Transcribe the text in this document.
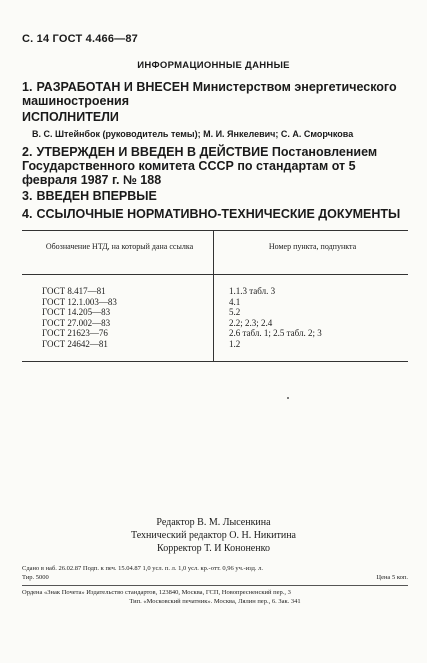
С. 14 ГОСТ 4.466—87
ИНФОРМАЦИОННЫЕ ДАННЫЕ
1. РАЗРАБОТАН И ВНЕСЕН Министерством энергетического машиностроения
ИСПОЛНИТЕЛИ
В. С. Штейнбок (руководитель темы); М. И. Янкелевич; С. А. Сморчкова
2. УТВЕРЖДЕН И ВВЕДЕН В ДЕЙСТВИЕ Постановлением Государственного комитета СССР по стандартам от 5 февраля 1987 г. № 188
3. ВВЕДЕН ВПЕРВЫЕ
4. ССЫЛОЧНЫЕ НОРМАТИВНО-ТЕХНИЧЕСКИЕ ДОКУМЕНТЫ
Обозначение НТД, на который дана ссылка	Номер пункта, подпункта
ГОСТ 8.417—81
ГОСТ 12.1.003—83
ГОСТ 14.205—83
ГОСТ 27.002—83
ГОСТ 21623—76
ГОСТ 24642—81
1.1.3 табл. 3
4.1
5.2
2.2; 2.3; 2.4
2.6 табл. 1; 2.5 табл. 2; 3
1.2
Редактор В. М. Лысенкина
Технический редактор О. Н. Никитина
Корректор Т. И Кононенко
Сдано в наб. 26.02.87 Подп. к печ. 15.04.87 1,0 усл. п. л. 1,0 усл. кр.-отт. 0,96 уч.-изд. л.
Тир. 5000	Цена 5 коп.
Ордена «Знак Почета» Издательство стандартов, 123840, Москва, ГСП, Новопресненский пер., 3
Тип. «Московский печатник». Москва, Лялин пер., 6. Зак. 341
